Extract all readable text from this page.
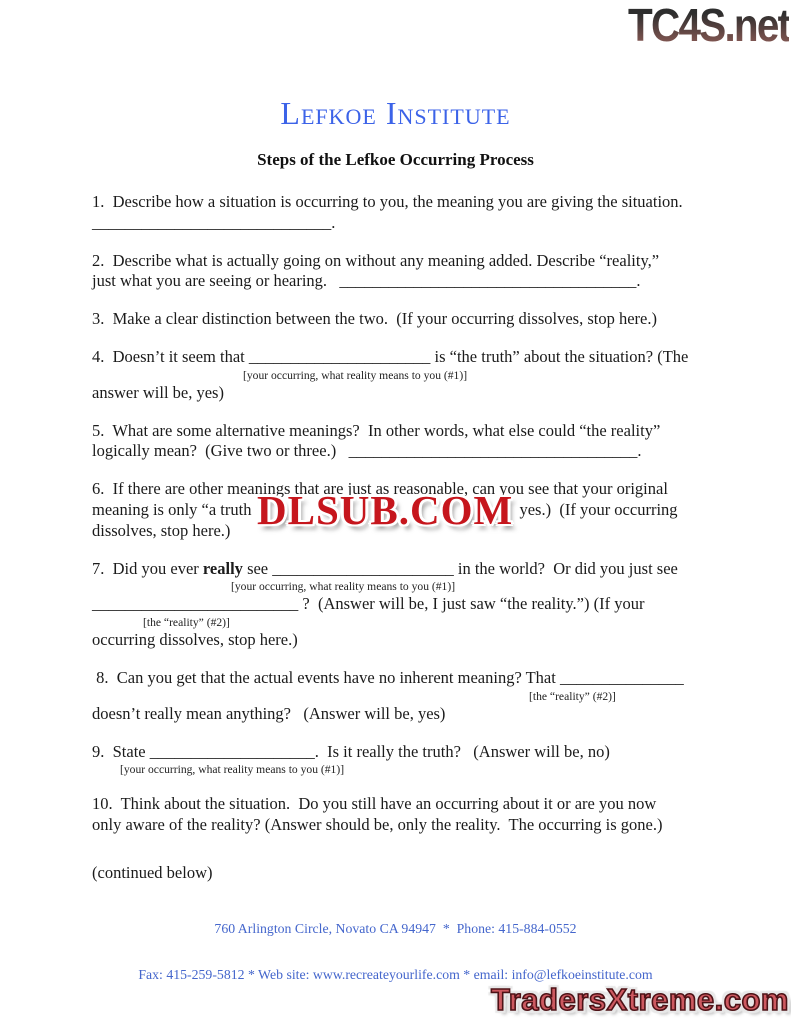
TC4S.net
Lefkoe Institute
Steps of the Lefkoe Occurring Process
1.  Describe how a situation is occurring to you, the meaning you are giving the situation.
_____________________________.
2.  Describe what is actually going on without any meaning added. Describe “reality,”
just what you are seeing or hearing.   ____________________________________.
3.  Make a clear distinction between the two.  (If your occurring dissolves, stop here.)
4.  Doesn’t it seem that ______________________ is “the truth” about the situation? (The
[your occurring, what reality means to you (#1)]
answer will be, yes)
5.  What are some alternative meanings?  In other words, what else could “the reality”
logically mean?  (Give two or three.)   ___________________________________.
6.  If there are other meanings that are just as reasonable, can you see that your original
meaning is only “a truth	yes.)  (If your occurring
dissolves, stop here.)
7.  Did you ever really see ______________________ in the world?  Or did you just see
[your occurring, what reality means to you (#1)]
_________________________ ?  (Answer will be, I just saw “the reality.”) (If your
[the “reality” (#2)]
occurring dissolves, stop here.)
8.  Can you get that the actual events have no inherent meaning? That _______________
[the “reality” (#2)]
doesn’t really mean anything?   (Answer will be, yes)
9.  State ____________________.  Is it really the truth?   (Answer will be, no)
[your occurring, what reality means to you (#1)]
10.  Think about the situation.  Do you still have an occurring about it or are you now
only aware of the reality? (Answer should be, only the reality.  The occurring is gone.)
(continued below)

760 Arlington Circle, Novato CA 94947  *  Phone: 415-884-0552

Fax: 415-259-5812 * Web site: www.recreateyourlife.com * email: info@lefkoeinstitute.com

DLSUB.COM
TradersXtreme.com
